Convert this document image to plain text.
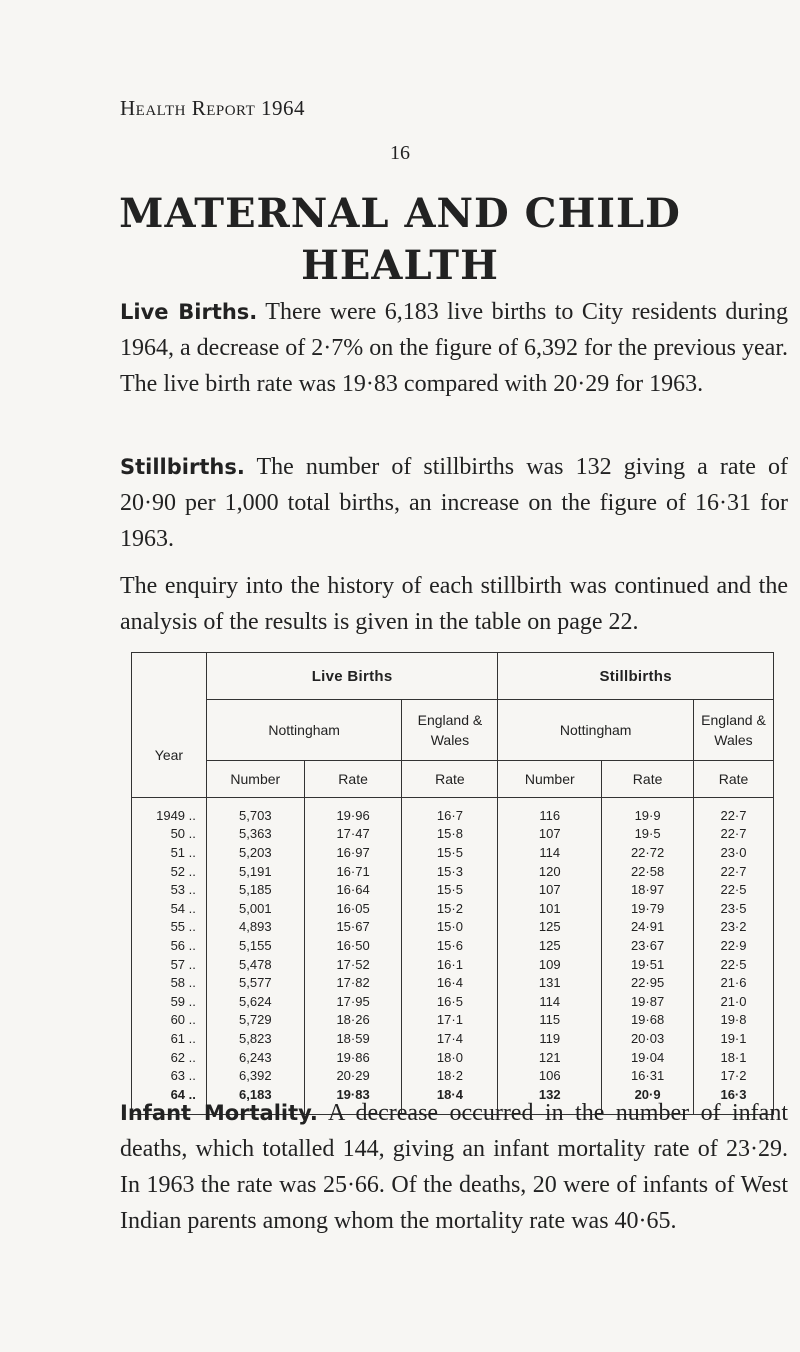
Health Report 1964
16
MATERNAL AND CHILD
HEALTH

Live Births. There were 6,183 live births to City residents during 1964, a decrease of 2·7% on the figure of 6,392 for the previous year. The live birth rate was 19·83 compared with 20·29 for 1963.

Stillbirths. The number of stillbirths was 132 giving a rate of 20·90 per 1,000 total births, an increase on the figure of 16·31 for 1963.

The enquiry into the history of each stillbirth was continued and the analysis of the results is given in the table on page 22.

Year	Live Births			Stillbirths		
	Nottingham		England & Wales	Nottingham		England & Wales
	Number	Rate	Rate	Number	Rate	Rate
1949 ..	5,703	19·96	16·7	116	19·9	22·7
50 ..	5,363	17·47	15·8	107	19·5	22·7
51 ..	5,203	16·97	15·5	114	22·72	23·0
52 ..	5,191	16·71	15·3	120	22·58	22·7
53 ..	5,185	16·64	15·5	107	18·97	22·5
54 ..	5,001	16·05	15·2	101	19·79	23·5
55 ..	4,893	15·67	15·0	125	24·91	23·2
56 ..	5,155	16·50	15·6	125	23·67	22·9
57 ..	5,478	17·52	16·1	109	19·51	22·5
58 ..	5,577	17·82	16·4	131	22·95	21·6
59 ..	5,624	17·95	16·5	114	19·87	21·0
60 ..	5,729	18·26	17·1	115	19·68	19·8
61 ..	5,823	18·59	17·4	119	20·03	19·1
62 ..	6,243	19·86	18·0	121	19·04	18·1
63 ..	6,392	20·29	18·2	106	16·31	17·2
64 ..	6,183	19·83	18·4	132	20·9	16·3

Infant Mortality. A decrease occurred in the number of infant deaths, which totalled 144, giving an infant mortality rate of 23·29. In 1963 the rate was 25·66. Of the deaths, 20 were of infants of West Indian parents among whom the mortality rate was 40·65.
